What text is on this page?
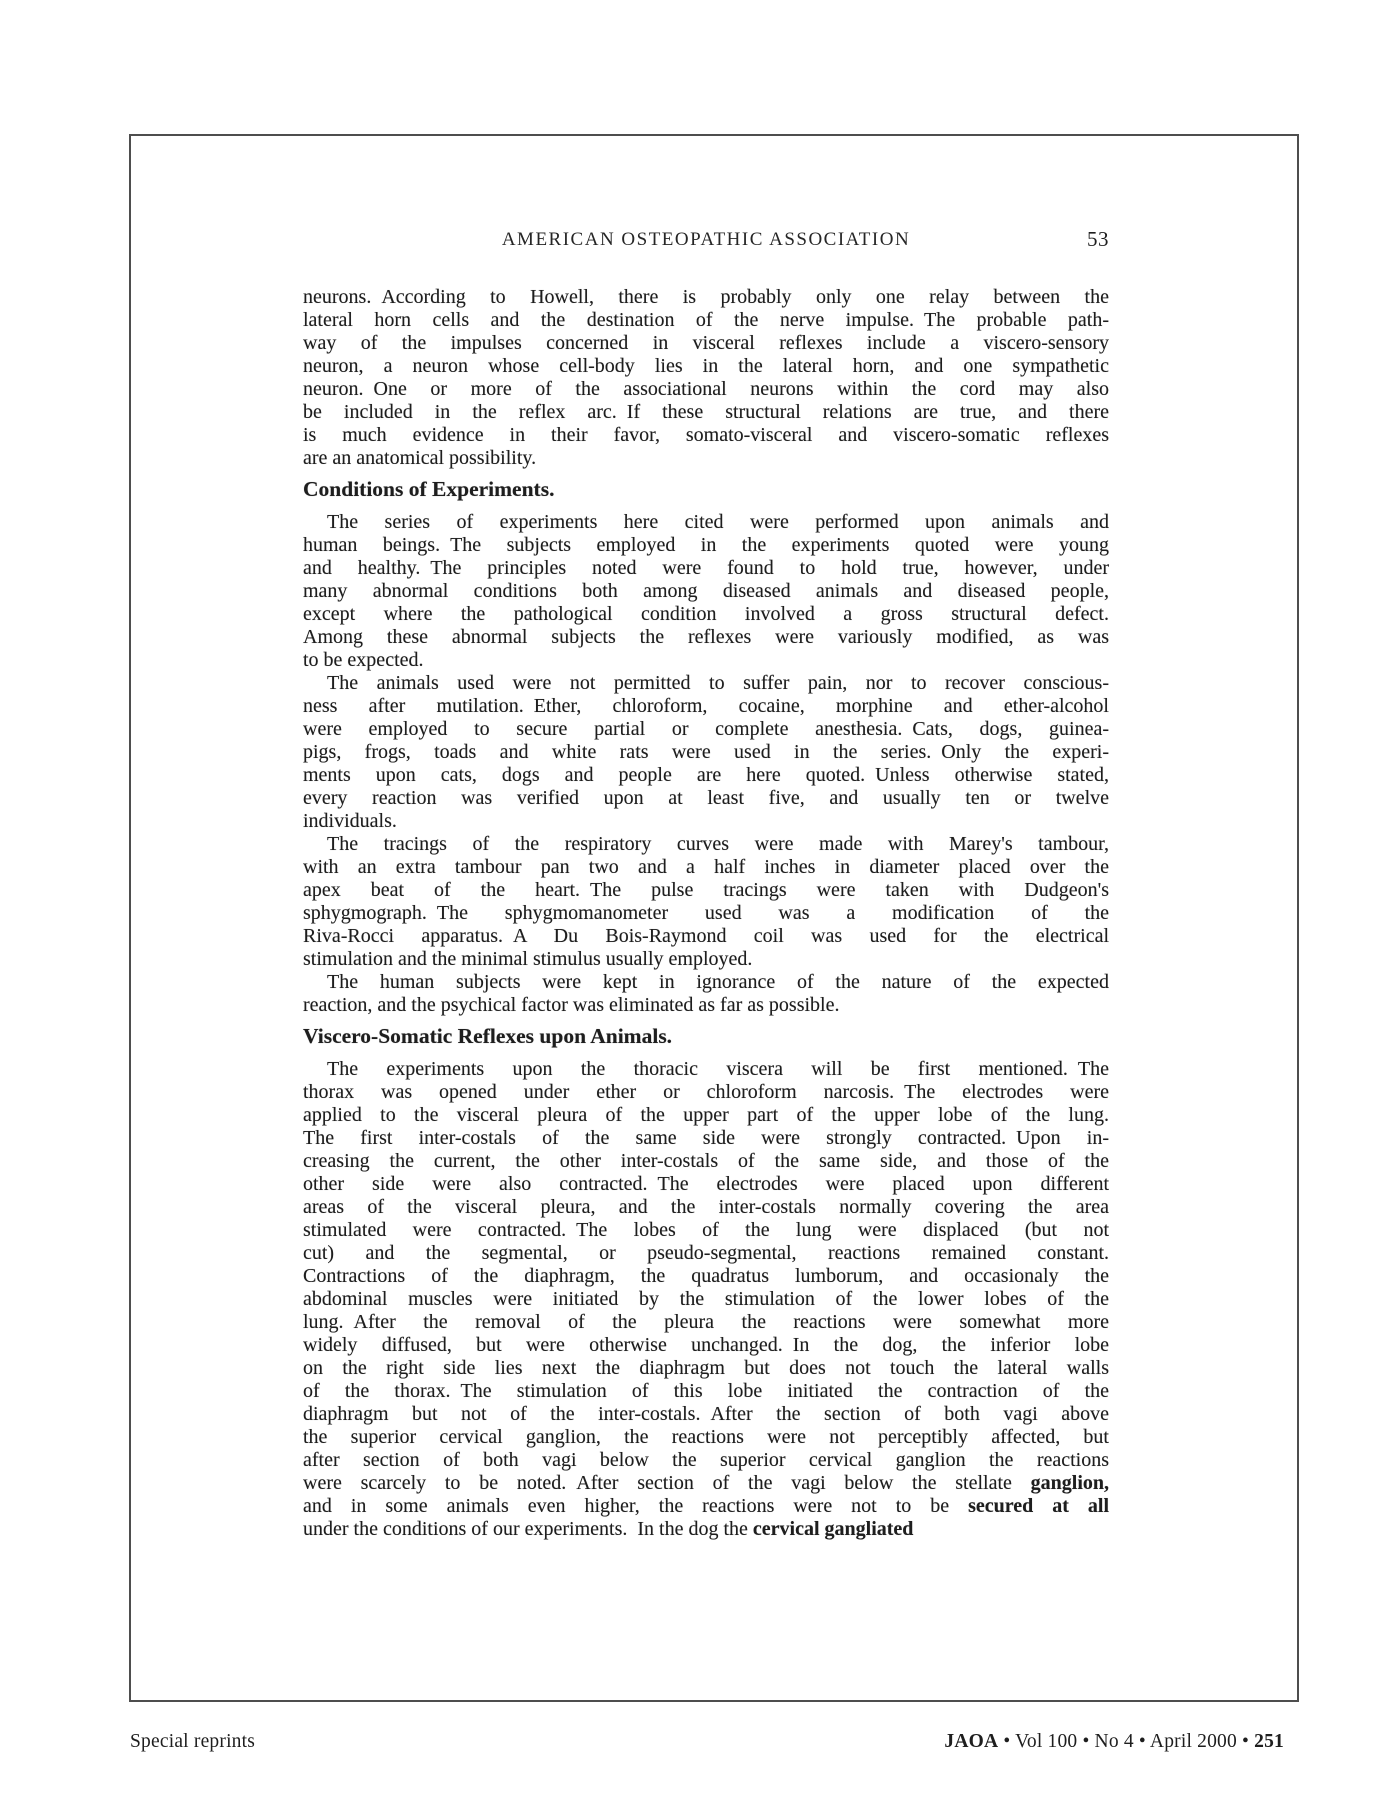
AMERICAN OSTEOPATHIC ASSOCIATION	53
neurons. According to Howell, there is probably only one relay between the
lateral horn cells and the destination of the nerve impulse. The probable path-
way of the impulses concerned in visceral reflexes include a viscero-sensory
neuron, a neuron whose cell-body lies in the lateral horn, and one sympathetic
neuron. One or more of the associational neurons within the cord may also
be included in the reflex arc. If these structural relations are true, and there
is much evidence in their favor, somato-visceral and viscero-somatic reflexes
are an anatomical possibility.
Conditions of Experiments.
The series of experiments here cited were performed upon animals and
human beings. The subjects employed in the experiments quoted were young
and healthy. The principles noted were found to hold true, however, under
many abnormal conditions both among diseased animals and diseased people,
except where the pathological condition involved a gross structural defect.
Among these abnormal subjects the reflexes were variously modified, as was
to be expected.
The animals used were not permitted to suffer pain, nor to recover conscious-
ness after mutilation. Ether, chloroform, cocaine, morphine and ether-alcohol
were employed to secure partial or complete anesthesia. Cats, dogs, guinea-
pigs, frogs, toads and white rats were used in the series. Only the experi-
ments upon cats, dogs and people are here quoted. Unless otherwise stated,
every reaction was verified upon at least five, and usually ten or twelve
individuals.
The tracings of the respiratory curves were made with Marey's tambour,
with an extra tambour pan two and a half inches in diameter placed over the
apex beat of the heart. The pulse tracings were taken with Dudgeon's
sphygmograph. The sphygmomanometer used was a modification of the
Riva-Rocci apparatus. A Du Bois-Raymond coil was used for the electrical
stimulation and the minimal stimulus usually employed.
The human subjects were kept in ignorance of the nature of the expected
reaction, and the psychical factor was eliminated as far as possible.
Viscero-Somatic Reflexes upon Animals.
The experiments upon the thoracic viscera will be first mentioned. The
thorax was opened under ether or chloroform narcosis. The electrodes were
applied to the visceral pleura of the upper part of the upper lobe of the lung.
The first inter-costals of the same side were strongly contracted. Upon in-
creasing the current, the other inter-costals of the same side, and those of the
other side were also contracted. The electrodes were placed upon different
areas of the visceral pleura, and the inter-costals normally covering the area
stimulated were contracted. The lobes of the lung were displaced (but not
cut) and the segmental, or pseudo-segmental, reactions remained constant.
Contractions of the diaphragm, the quadratus lumborum, and occasionaly the
abdominal muscles were initiated by the stimulation of the lower lobes of the
lung. After the removal of the pleura the reactions were somewhat more
widely diffused, but were otherwise unchanged. In the dog, the inferior lobe
on the right side lies next the diaphragm but does not touch the lateral walls
of the thorax. The stimulation of this lobe initiated the contraction of the
diaphragm but not of the inter-costals. After the section of both vagi above
the superior cervical ganglion, the reactions were not perceptibly affected, but
after section of both vagi below the superior cervical ganglion the reactions
were scarcely to be noted. After section of the vagi below the stellate ganglion,
and in some animals even higher, the reactions were not to be secured at all
under the conditions of our experiments. In the dog the cervical gangliated
Special reprints	JAOA • Vol 100 • No 4 • April 2000 • 251
